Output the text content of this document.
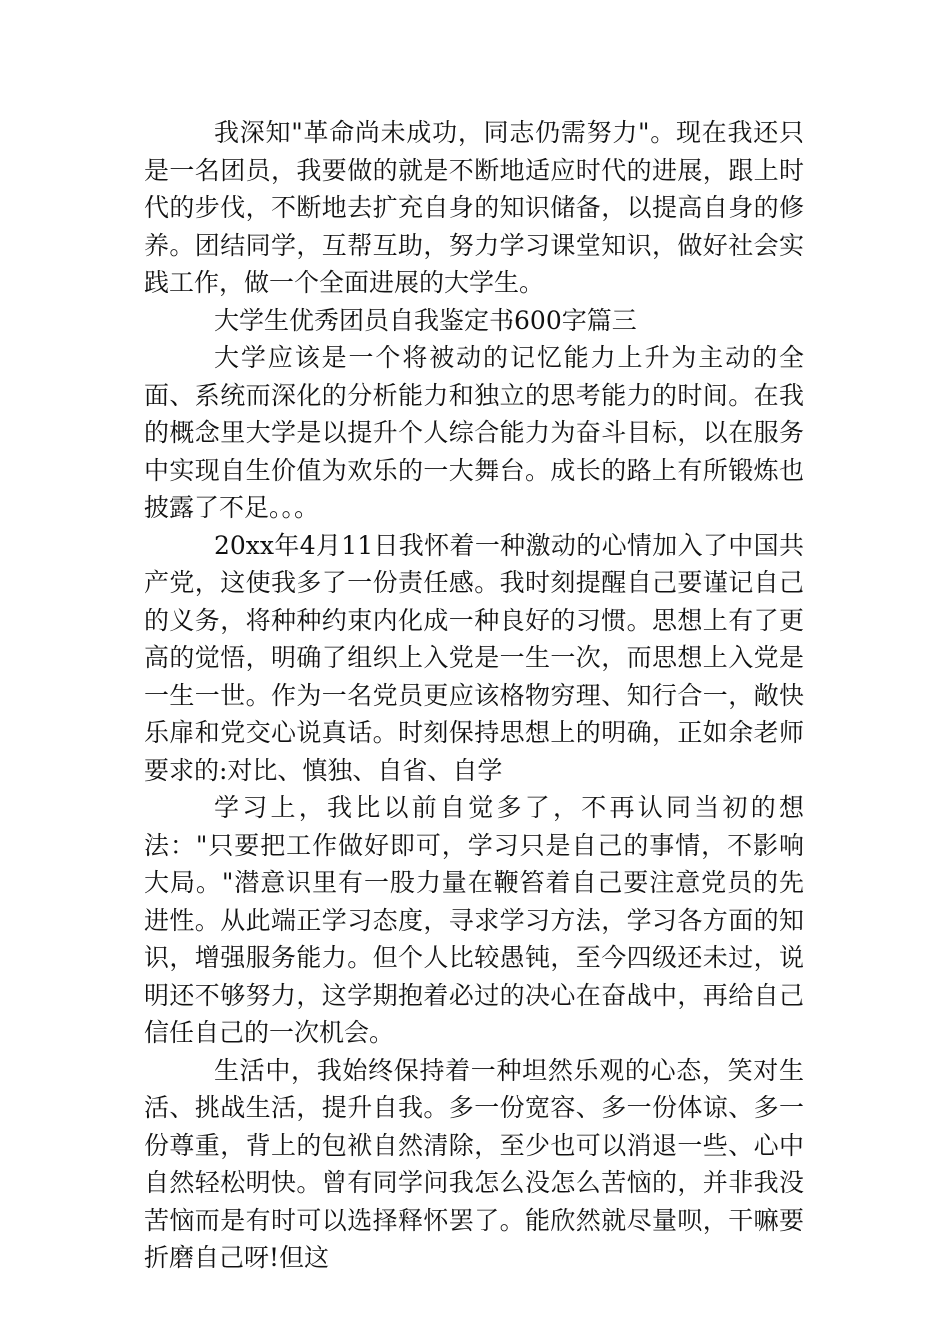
我深知"革命尚未成功，同志仍需努力"。现在我还只是一名团员，我要做的就是不断地适应时代的进展，跟上时代的步伐，不断地去扩充自身的知识储备，以提高自身的修养。团结同学，互帮互助，努力学习课堂知识，做好社会实践工作，做一个全面进展的大学生。

大学生优秀团员自我鉴定书600字篇三

大学应该是一个将被动的记忆能力上升为主动的全面、系统而深化的分析能力和独立的思考能力的时间。在我的概念里大学是以提升个人综合能力为奋斗目标，以在服务中实现自生价值为欢乐的一大舞台。成长的路上有所锻炼也披露了不足。。。

20xx年4月11日我怀着一种激动的心情加入了中国共产党，这使我多了一份责任感。我时刻提醒自己要谨记自己的义务，将种种约束内化成一种良好的习惯。思想上有了更高的觉悟，明确了组织上入党是一生一次，而思想上入党是一生一世。作为一名党员更应该格物穷理、知行合一，敞快乐扉和党交心说真话。时刻保持思想上的明确，正如余老师要求的:对比、慎独、自省、自学

学习上，我比以前自觉多了，不再认同当初的想法："只要把工作做好即可，学习只是自己的事情，不影响大局。"潜意识里有一股力量在鞭笞着自己要注意党员的先进性。从此端正学习态度，寻求学习方法，学习各方面的知识，增强服务能力。但个人比较愚钝，至今四级还未过，说明还不够努力，这学期抱着必过的决心在奋战中，再给自己信任自己的一次机会。

生活中，我始终保持着一种坦然乐观的心态，笑对生活、挑战生活，提升自我。多一份宽容、多一份体谅、多一份尊重，背上的包袱自然清除，至少也可以消退一些、心中自然轻松明快。曾有同学问我怎么没怎么苦恼的，并非我没苦恼而是有时可以选择释怀罢了。能欣然就尽量呗，干嘛要折磨自己呀!但这
